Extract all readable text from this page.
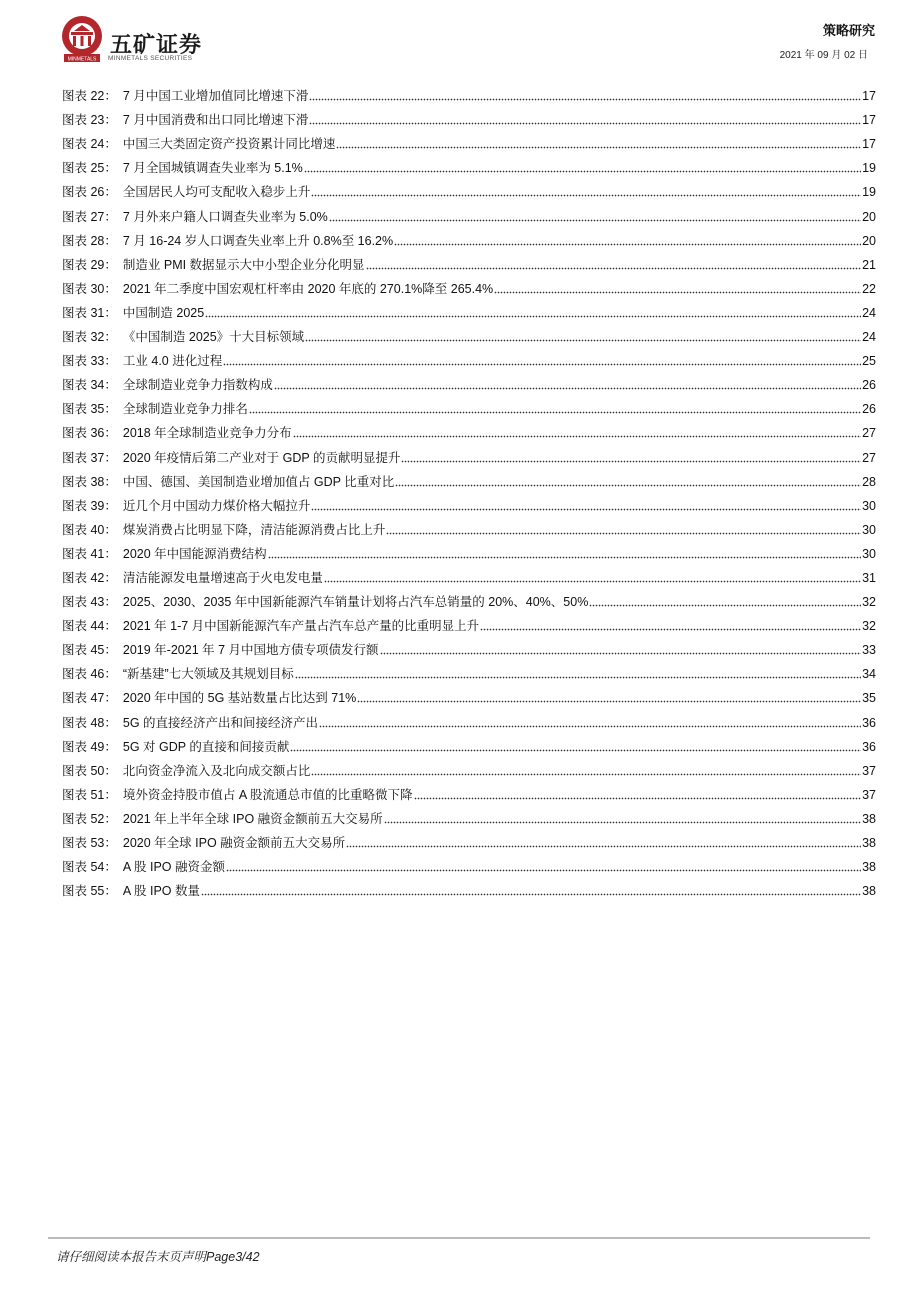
MINMETALS
五矿证券
MINMETALS SECURITIES
策略研究
2021 年 09 月 02 日
图表 22： 7 月中国工业增加值同比增速下滑	17
图表 23： 7 月中国消费和出口同比增速下滑	17
图表 24： 中国三大类固定资产投资累计同比增速	17
图表 25： 7 月全国城镇调查失业率为 5.1%	19
图表 26： 全国居民人均可支配收入稳步上升	19
图表 27： 7 月外来户籍人口调查失业率为 5.0%	20
图表 28： 7 月 16-24 岁人口调查失业率上升 0.8%至 16.2%	20
图表 29： 制造业 PMI 数据显示大中小型企业分化明显	21
图表 30： 2021 年二季度中国宏观杠杆率由 2020 年底的 270.1%降至 265.4%	22
图表 31： 中国制造 2025	24
图表 32： 《中国制造 2025》十大目标领域	24
图表 33： 工业 4.0 进化过程	25
图表 34： 全球制造业竞争力指数构成	26
图表 35： 全球制造业竞争力排名	26
图表 36： 2018 年全球制造业竞争力分布	27
图表 37： 2020 年疫情后第二产业对于 GDP 的贡献明显提升	27
图表 38： 中国、德国、美国制造业增加值占 GDP 比重对比	28
图表 39： 近几个月中国动力煤价格大幅拉升	30
图表 40： 煤炭消费占比明显下降，清洁能源消费占比上升	30
图表 41： 2020 年中国能源消费结构	30
图表 42： 清洁能源发电量增速高于火电发电量	31
图表 43： 2025、2030、2035 年中国新能源汽车销量计划将占汽车总销量的 20%、40%、50%	32
图表 44： 2021 年 1-7 月中国新能源汽车产量占汽车总产量的比重明显上升	32
图表 45： 2019 年-2021 年 7 月中国地方债专项债发行额	33
图表 46： “新基建”七大领域及其规划目标	34
图表 47： 2020 年中国的 5G 基站数量占比达到 71%	35
图表 48： 5G 的直接经济产出和间接经济产出	36
图表 49： 5G 对 GDP 的直接和间接贡献	36
图表 50： 北向资金净流入及北向成交额占比	37
图表 51： 境外资金持股市值占 A 股流通总市值的比重略微下降	37
图表 52： 2021 年上半年全球 IPO 融资金额前五大交易所	38
图表 53： 2020 年全球 IPO 融资金额前五大交易所	38
图表 54： A 股 IPO 融资金额	38
图表 55： A 股 IPO 数量	38
请仔细阅读本报告末页声明Page3/42
